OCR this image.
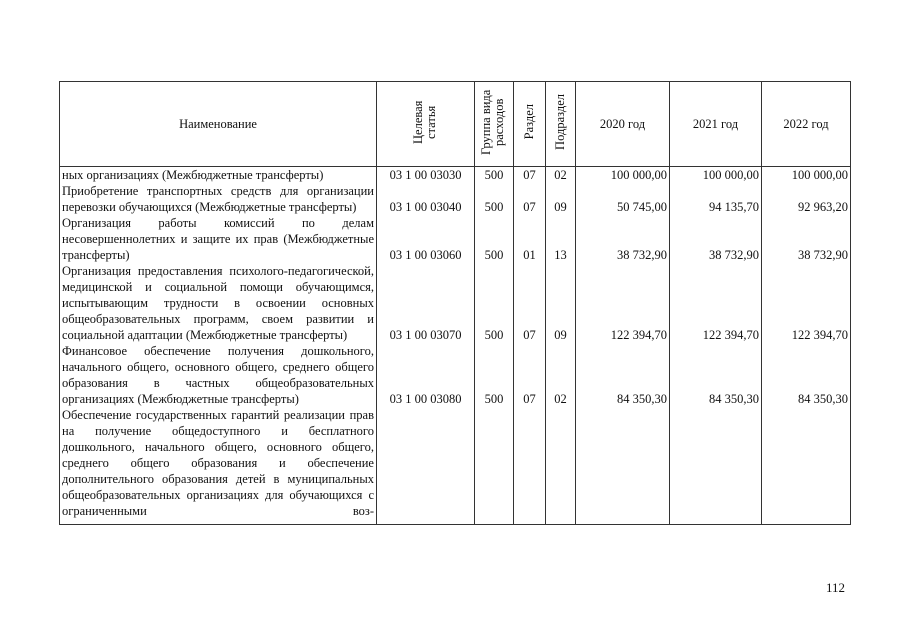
Наименование	Целевая статья	Группа вида расходов	Раздел	Подраздел	2020 год	2021 год	2022 год
ных организациях (Межбюджетные трансферты)	03 1 00 03030	500	07	02	100 000,00	100 000,00	100 000,00
Приобретение транспортных средств для организации перевозки обучающихся (Межбюджетные трансферты)	03 1 00 03040	500	07	09	50 745,00	94 135,70	92 963,20
Организация работы комиссий по делам несовершеннолетних и защите их прав (Межбюджетные трансферты)	03 1 00 03060	500	01	13	38 732,90	38 732,90	38 732,90
Организация предоставления психолого-педагогической, медицинской и социальной помощи обучающимся, испытывающим трудности в освоении основных общеобразовательных программ, своем развитии и социальной адаптации (Межбюджетные трансферты)	03 1 00 03070	500	07	09	122 394,70	122 394,70	122 394,70
Финансовое обеспечение получения дошкольного, начального общего, основного общего, среднего общего образования в частных общеобразовательных организациях (Межбюджетные трансферты)	03 1 00 03080	500	07	02	84 350,30	84 350,30	84 350,30
Обеспечение государственных гарантий реализации прав на получение общедоступного и бесплатного дошкольного, начального общего, основного общего, среднего общего образования и обеспечение дополнительного образования детей в муниципальных общеобразовательных организациях для обучающихся с ограниченными воз-							

112
